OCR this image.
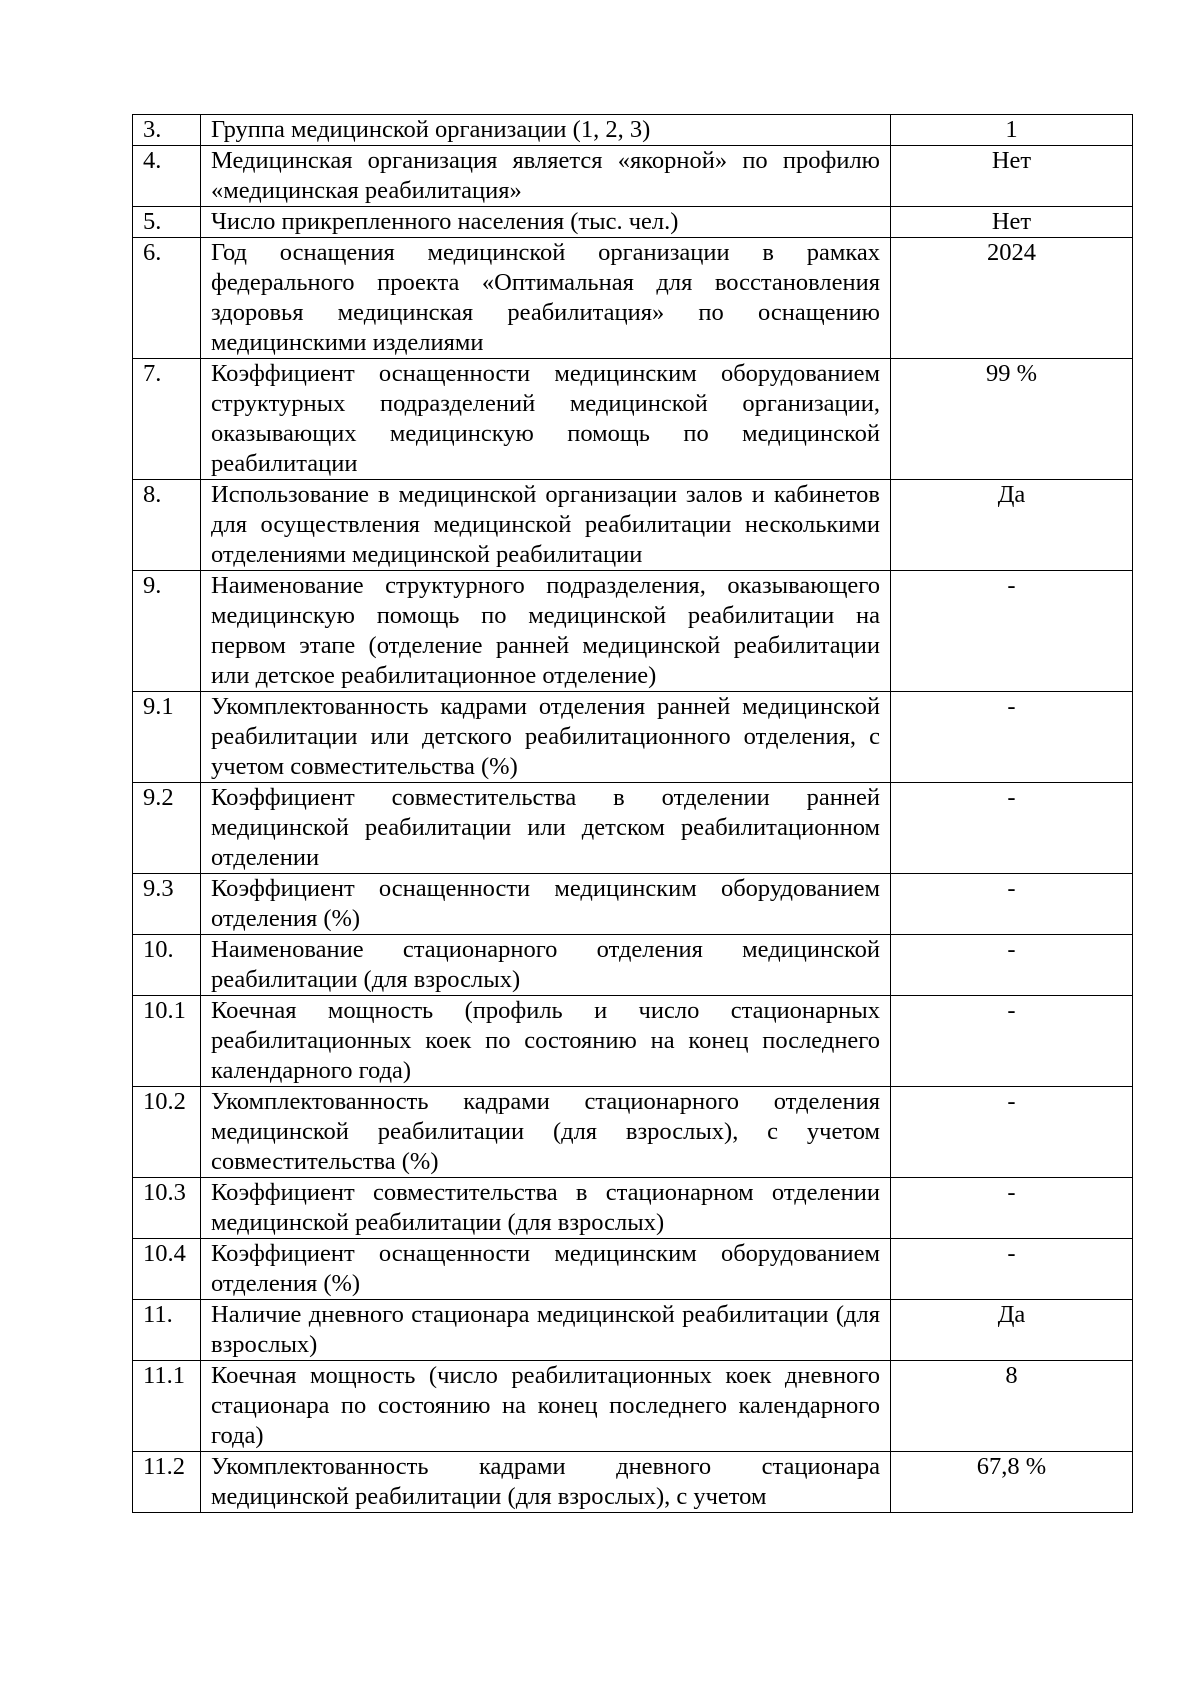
3.	Группа медицинской организации (1, 2, 3)	1
4.	Медицинская организация является «якорной» по профилю «медицинская реабилитация»	Нет
5.	Число прикрепленного населения (тыс. чел.)	Нет
6.	Год оснащения медицинской организации в рамках федерального проекта «Оптимальная для восстановления здоровья медицинская реабилитация» по оснащению медицинскими изделиями	2024
7.	Коэффициент оснащенности медицинским оборудованием структурных подразделений медицинской организации, оказывающих медицинскую помощь по медицинской реабилитации	99 %
8.	Использование в медицинской организации залов и кабинетов для осуществления медицинской реабилитации несколькими отделениями медицинской реабилитации	Да
9.	Наименование структурного подразделения, оказывающего медицинскую помощь по медицинской реабилитации на первом этапе (отделение ранней медицинской реабилитации или детское реабилитационное отделение)	-
9.1	Укомплектованность кадрами отделения ранней медицинской реабилитации или детского реабилитационного отделения, с учетом совместительства (%)	-
9.2	Коэффициент совместительства в отделении ранней медицинской реабилитации или детском реабилитационном отделении	-
9.3	Коэффициент оснащенности медицинским оборудованием отделения (%)	-
10.	Наименование стационарного отделения медицинской реабилитации (для взрослых)	-
10.1	Коечная мощность (профиль и число стационарных реабилитационных коек по состоянию на конец последнего календарного года)	-
10.2	Укомплектованность кадрами стационарного отделения медицинской реабилитации (для взрослых), с учетом совместительства (%)	-
10.3	Коэффициент совместительства в стационарном отделении медицинской реабилитации (для взрослых)	-
10.4	Коэффициент оснащенности медицинским оборудованием отделения (%)	-
11.	Наличие дневного стационара медицинской реабилитации (для взрослых)	Да
11.1	Коечная мощность (число реабилитационных коек дневного стационара по состоянию на конец последнего календарного года)	8
11.2	Укомплектованность кадрами дневного стационара медицинской реабилитации (для взрослых), с учетом	67,8 %
